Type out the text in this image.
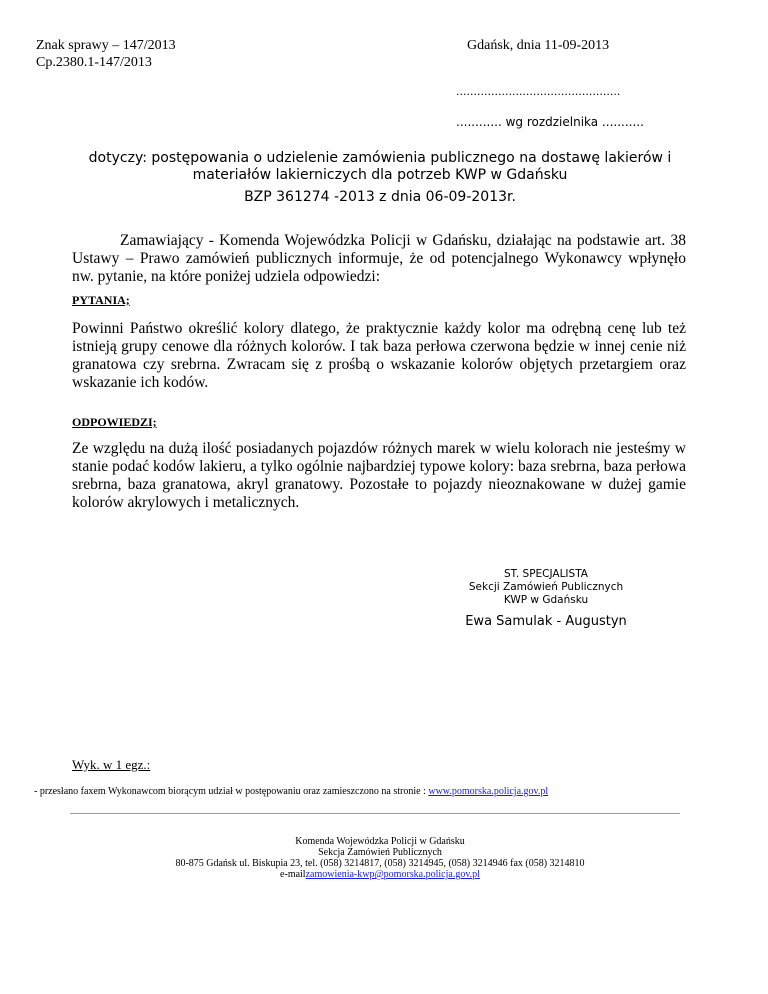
Znak sprawy – 147/2013
Cp.2380.1-147/2013
Gdańsk, dnia 11-09-2013
...............................................
............ wg rozdzielnika ...........
dotyczy: postępowania o udzielenie zamówienia publicznego na dostawę lakierów i materiałów lakierniczych dla potrzeb KWP w Gdańsku
BZP 361274 -2013 z dnia 06-09-2013r.
Zamawiający - Komenda Wojewódzka Policji w Gdańsku, działając na podstawie art. 38 Ustawy – Prawo zamówień publicznych informuje, że od potencjalnego Wykonawcy wpłynęło nw. pytanie, na które poniżej udziela odpowiedzi:
PYTANIA;
Powinni Państwo określić kolory dlatego, że praktycznie każdy kolor ma odrębną cenę lub też istnieją grupy cenowe dla różnych kolorów. I tak baza perłowa czerwona będzie w innej cenie niż granatowa czy srebrna. Zwracam się z prośbą o wskazanie kolorów objętych przetargiem oraz wskazanie ich kodów.
ODPOWIEDZI;
Ze względu na dużą ilość posiadanych pojazdów różnych marek w wielu kolorach nie jesteśmy w stanie podać kodów lakieru, a tylko ogólnie najbardziej typowe kolory: baza srebrna, baza perłowa srebrna, baza granatowa, akryl granatowy. Pozostałe to pojazdy nieoznakowane w dużej gamie kolorów akrylowych i metalicznych.
ST. SPECJALISTA
Sekcji Zamówień Publicznych
KWP w Gdańsku
Ewa Samulak - Augustyn
Wyk. w 1 egz.:
- przesłano faxem Wykonawcom biorącym udział w postępowaniu oraz zamieszczono na stronie : www.pomorska.policja.gov.pl
Komenda Wojewódzka Policji w Gdańsku
Sekcja Zamówień Publicznych
80-875 Gdańsk ul. Biskupia 23, tel. (058) 3214817, (058) 3214945, (058) 3214946 fax (058) 3214810
e-mailzamowienia-kwp@pomorska.policja.gov.pl
